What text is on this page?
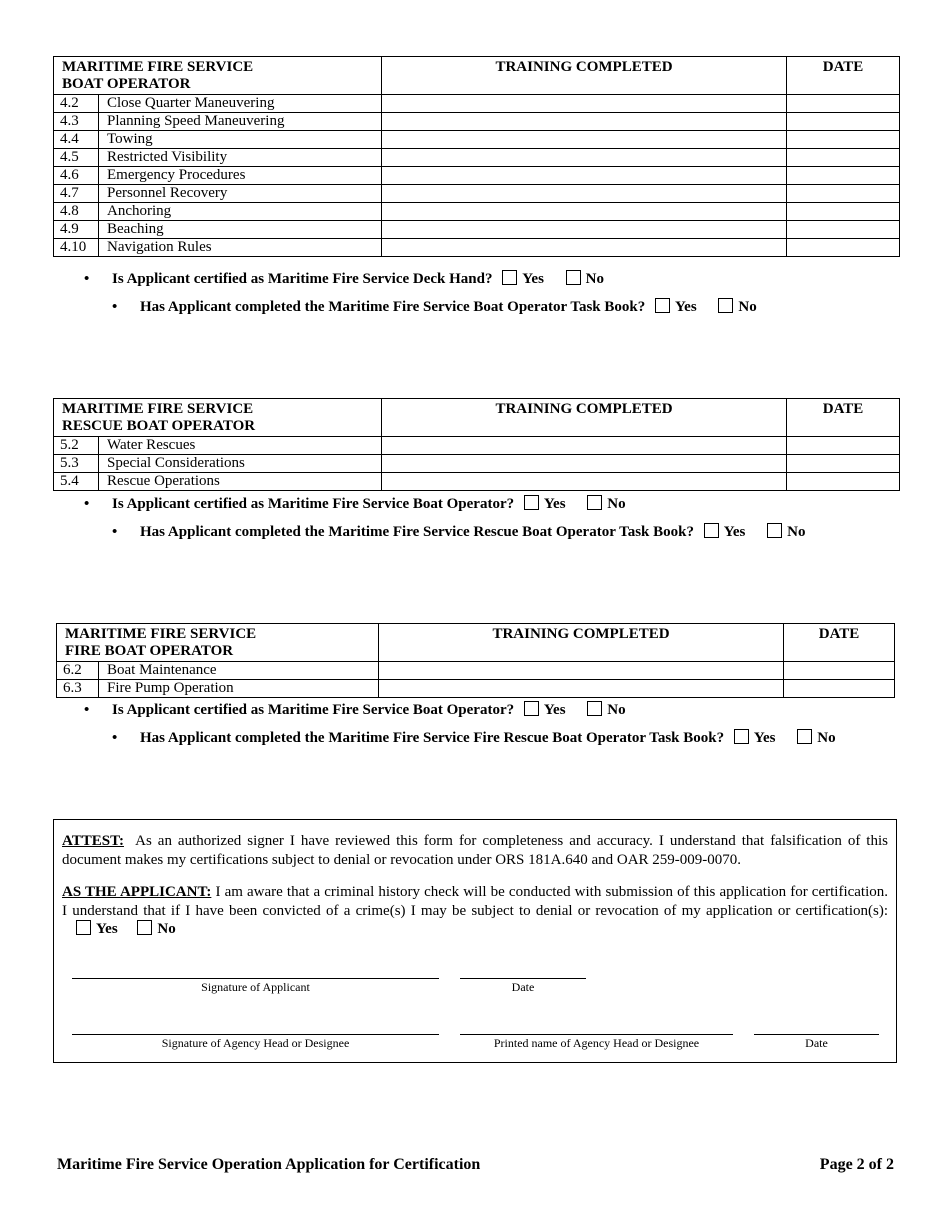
MARITIME FIRE SERVICE
BOAT OPERATOR		TRAINING COMPLETED	DATE
4.2	Close Quarter Maneuvering		
4.3	Planning Speed Maneuvering		
4.4	Towing		
4.5	Restricted Visibility		
4.6	Emergency Procedures		
4.7	Personnel Recovery		
4.8	Anchoring		
4.9	Beaching		
4.10	Navigation Rules		
• Is Applicant certified as Maritime Fire Service Deck Hand? Yes	No
• Has Applicant completed the Maritime Fire Service Boat Operator Task Book? Yes	No
MARITIME FIRE SERVICE
RESCUE BOAT OPERATOR		TRAINING COMPLETED	DATE
5.2	Water Rescues		
5.3	Special Considerations		
5.4	Rescue Operations		
• Is Applicant certified as Maritime Fire Service Boat Operator? Yes	No
• Has Applicant completed the Maritime Fire Service Rescue Boat Operator Task Book? Yes	No
MARITIME FIRE SERVICE
FIRE BOAT OPERATOR		TRAINING COMPLETED	DATE
6.2	Boat Maintenance		
6.3	Fire Pump Operation		
• Is Applicant certified as Maritime Fire Service Boat Operator? Yes	No
• Has Applicant completed the Maritime Fire Service Fire Rescue Boat Operator Task Book? Yes	No
ATTEST: As an authorized signer I have reviewed this form for completeness and accuracy. I understand that falsification of this document makes my certifications subject to denial or revocation under ORS 181A.640 and OAR 259-009-0070.
AS THE APPLICANT: I am aware that a criminal history check will be conducted with submission of this application for certification. I understand that if I have been convicted of a crime(s) I may be subject to denial or revocation of my application or certification(s): Yes	No
Signature of Applicant	Date
Signature of Agency Head or Designee	Printed name of Agency Head or Designee	Date
Maritime Fire Service Operation Application for Certification	Page 2 of 2
